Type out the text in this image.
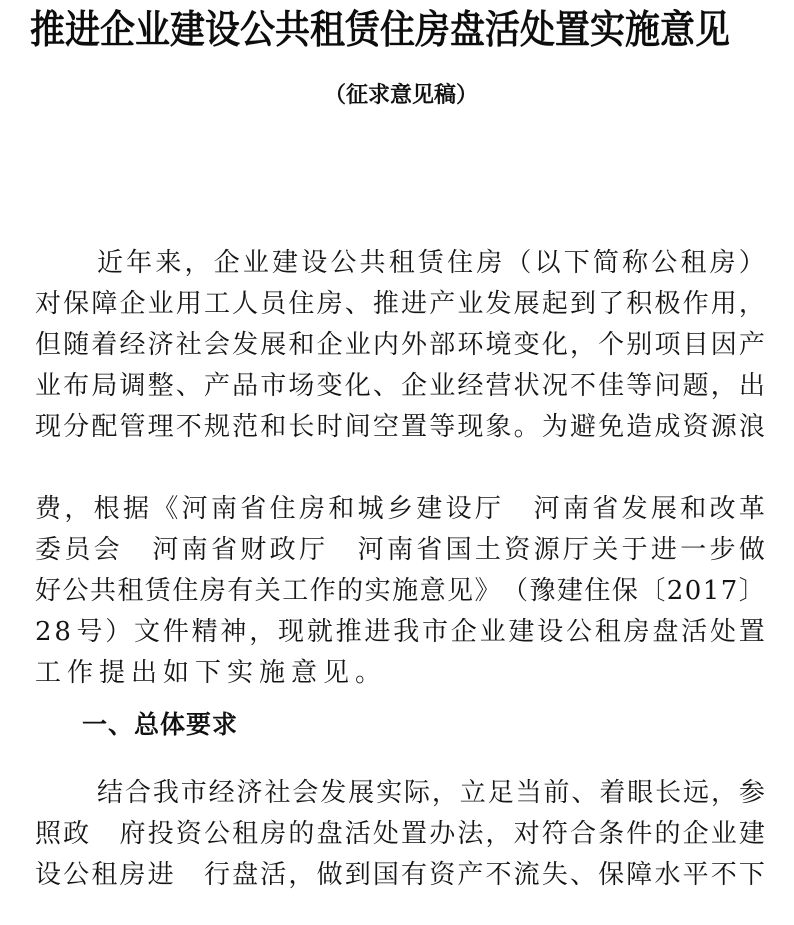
推进企业建设公共租赁住房盘活处置实施意见
（征求意见稿）
近 年 来 ， 企 业 建 设 公 共 租 赁 住 房 （ 以 下 简 称 公 租 房 ）
对 保 障 企 业 用 工 人 员 住 房 、 推 进 产 业 发 展 起 到 了 积 极 作 用 ，
但 随 着 经 济 社 会 发 展 和 企 业 内 外 部 环 境 变 化 ， 个 别 项 目 因 产
业 布 局 调 整 、 产 品 市 场 变 化 、 企 业 经 营 状 况 不 佳 等 问 题 ， 出
现 分 配 管 理 不 规 范 和 长 时 间 空 置 等 现 象 。 为 避 免 造 成 资 源 浪
费 ， 根 据 《 河 南 省 住 房 和 城 乡 建 设 厅
　 河 南 省 发 展 和 改 革
委 员 会
　 河 南 省 财 政 厅
　 河 南 省 国 土 资 源 厅 关 于 进 一 步 做
好 公 共 租 赁 住 房 有 关 工 作 的 实 施 意 见 》 （ 豫 建 住 保 〔 2 0 1 7 〕
2 8 号 ） 文 件 精 神 ， 现 就 推 进 我 市 企 业 建 设 公 租 房 盘 活 处 置
工作提出如下实施意见。
一、总体要求
结 合 我 市 经 济 社 会 发 展 实 际 ， 立 足 当 前 、 着 眼 长 远 ， 参
照 政
　 府 投 资 公 租 房 的 盘 活 处 置 办 法 ， 对 符 合 条 件 的 企 业 建
设 公 租 房 进
　 行 盘 活 ， 做 到 国 有 资 产 不 流 失 、 保 障 水 平 不 下
